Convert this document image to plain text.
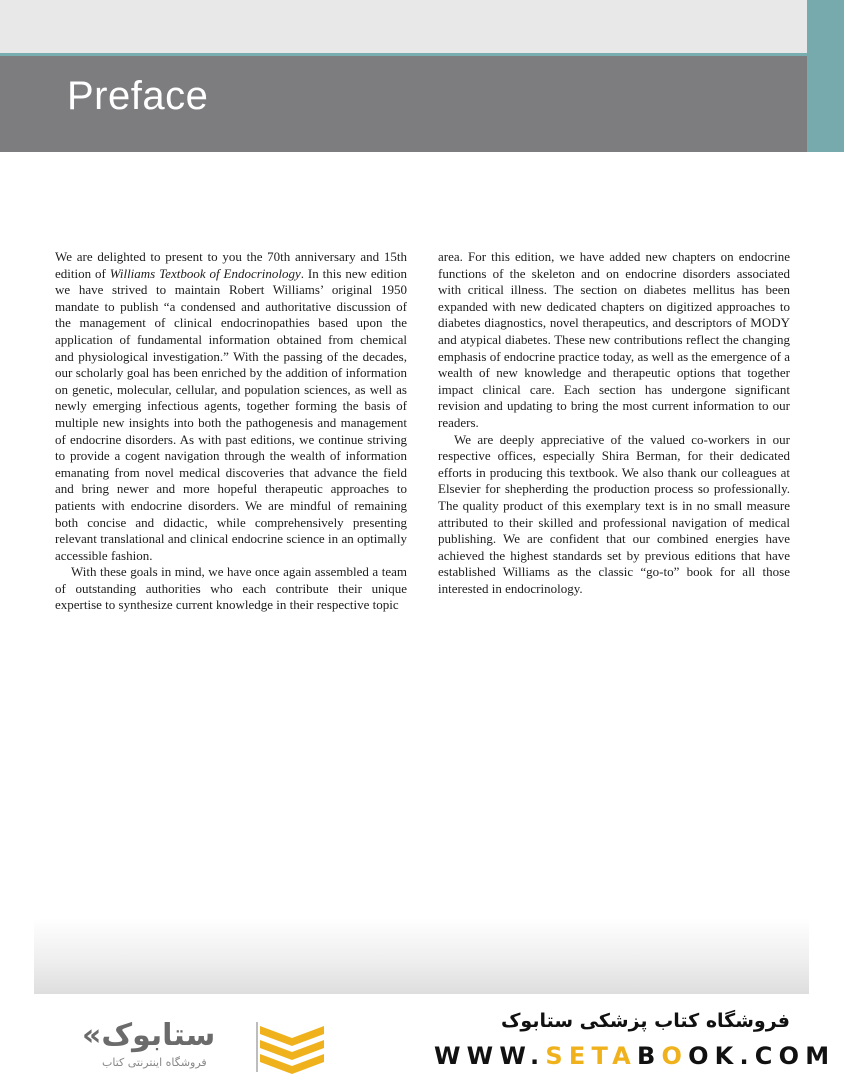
Preface

We are delighted to present to you the 70th anniversary and 15th edition of Williams Textbook of Endocrinology. In this new edition we have strived to maintain Robert Williams’ original 1950 mandate to publish “a condensed and authoritative discussion of the management of clinical endocrinopathies based upon the application of fundamental information obtained from chemical and physiological investigation.” With the passing of the decades, our scholarly goal has been enriched by the addition of information on genetic, molecular, cellular, and population sciences, as well as newly emerging infectious agents, together forming the basis of multiple new insights into both the pathogenesis and management of endocrine disorders. As with past editions, we continue striving to provide a cogent navigation through the wealth of information emanating from novel medical discoveries that advance the field and bring newer and more hopeful therapeutic approaches to patients with endocrine disorders. We are mindful of remaining both concise and didactic, while comprehensively presenting relevant translational and clinical endocrine science in an optimally accessible fashion.

With these goals in mind, we have once again assembled a team of outstanding authorities who each contribute their unique expertise to synthesize current knowledge in their respective topic

area. For this edition, we have added new chapters on endocrine functions of the skeleton and on endocrine disorders associated with critical illness. The section on diabetes mellitus has been expanded with new dedicated chapters on digitized approaches to diabetes diagnostics, novel therapeutics, and descriptors of MODY and atypical diabetes. These new contributions reflect the changing emphasis of endocrine practice today, as well as the emergence of a wealth of new knowledge and therapeutic options that together impact clinical care. Each section has undergone significant revision and updating to bring the most current information to our readers.

We are deeply appreciative of the valued co-workers in our respective offices, especially Shira Berman, for their dedicated efforts in producing this textbook. We also thank our colleagues at Elsevier for shepherding the production process so professionally. The quality product of this exemplary text is in no small measure attributed to their skilled and professional navigation of medical publishing. We are confident that our combined energies have achieved the highest standards set by previous editions that have established Williams as the classic “go-to” book for all those interested in endocrinology.

«ستابوک
فروشگاه اینترنتی کتاب
فروشگاه کتاب پزشکی ستابوک
WWW.SETABOOK.COM
